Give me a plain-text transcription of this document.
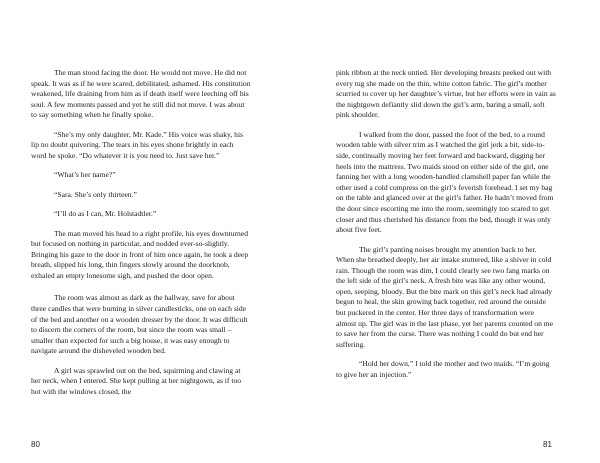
The man stood facing the door. He would not move. He did not speak. It was as if he were scared, debilitated, ashamed. His constitution weakened, life draining from him as if death itself were leeching off his soul. A few moments passed and yet he still did not move. I was about to say something when he finally spoke.

“She’s my only daughter, Mr. Kade.” His voice was shaky, his lip no doubt quivering. The tears in his eyes shone brightly in each word he spoke. “Do whatever it is you need to. Just save her.”

“What’s her name?”

“Sara. She’s only thirteen.”

“I’ll do as I can, Mr. Holstadtler.”

The man moved his head to a right profile, his eyes downturned but focused on nothing in particular, and nodded ever-so-slightly. Bringing his gaze to the door in front of him once again, he took a deep breath, slipped his long, thin fingers slowly around the doorknob, exhaled an empty lonesome sigh, and pushed the door open.

The room was almost as dark as the hallway, save for about three candles that were burning in silver candlesticks, one on each side of the bed and another on a wooden dresser by the door. It was difficult to discern the corners of the room, but since the room was small – smaller than expected for such a big house, it was easy enough to navigate around the disheveled wooden bed.

A girl was sprawled out on the bed, squirming and clawing at her neck, when I entered. She kept pulling at her nightgown, as if too hot with the windows closed, the

80

pink ribbon at the neck untied. Her developing breasts peeked out with every tug she made on the thin, white cotton fabric. The girl’s mother scurried to cover up her daughter’s virtue, but her efforts were in vain as the nightgown defiantly slid down the girl’s arm, baring a small, soft pink shoulder.

I walked from the door, passed the foot of the bed, to a round wooden table with silver trim as I watched the girl jerk a bit, side-to-side, continually moving her feet forward and backward, digging her heels into the mattress. Two maids stood on either side of the girl, one fanning her with a long wooden-handled clamshell paper fan while the other used a cold compress on the girl’s feverish forehead. I set my bag on the table and glanced over at the girl’s father. He hadn’t moved from the door since escorting me into the room, seemingly too scared to get closer and thus cherished his distance from the bed, though it was only about five feet.

The girl’s panting noises brought my attention back to her. When she breathed deeply, her air intake stuttered, like a shiver in cold rain. Though the room was dim, I could clearly see two fang marks on the left side of the girl’s neck. A fresh bite was like any other wound, open, seeping, bloody. But the bite mark on this girl’s neck had already begun to heal, the skin growing back together, red around the outside but puckered in the center. Her three days of transformation were almost up. The girl was in the last phase, yet her parents counted on me to save her from the curse. There was nothing I could do but end her suffering.

“Hold her down,” I told the mother and two maids. “I’m going to give her an injection.”

81
